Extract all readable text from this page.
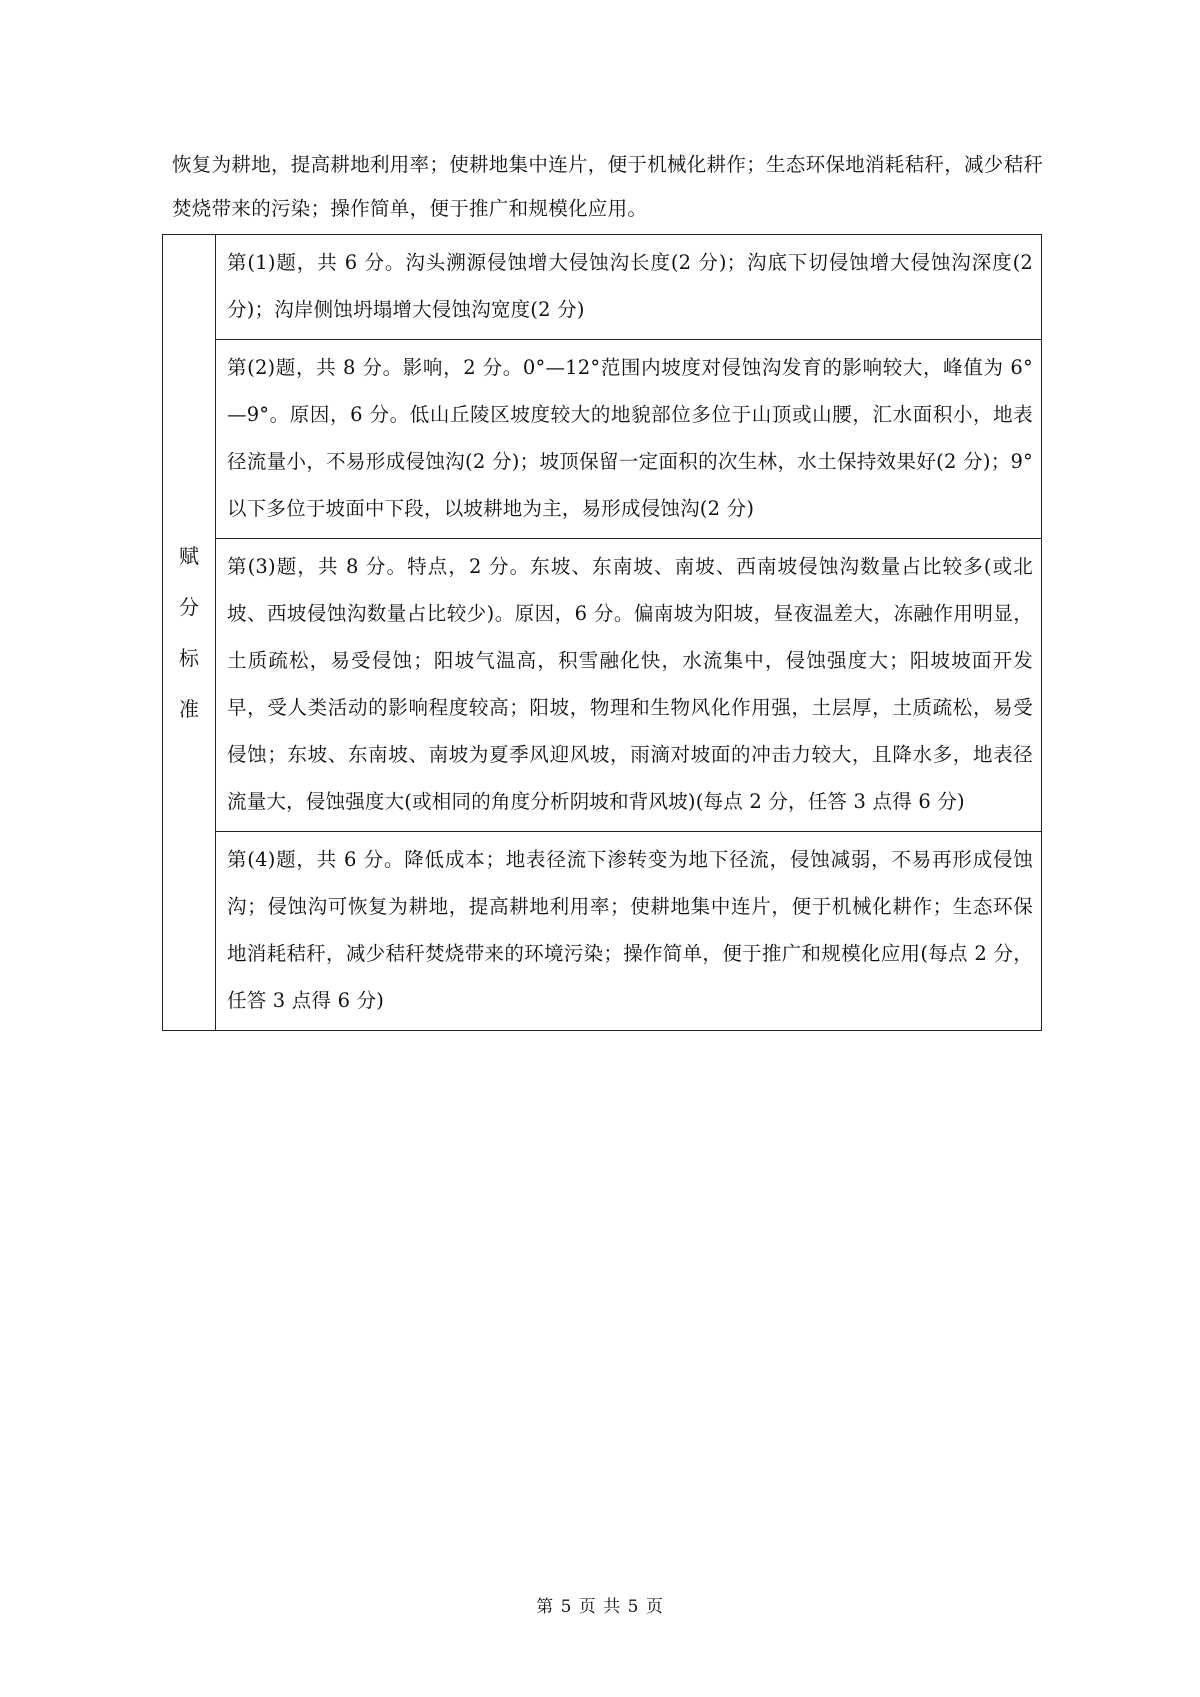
恢复为耕地，提高耕地利用率；使耕地集中连片，便于机械化耕作；生态环保地消耗秸秆，减少秸秆焚烧带来的污染；操作简单，便于推广和规模化应用。

赋分标准	第(1)题，共 6 分。沟头溯源侵蚀增大侵蚀沟长度(2 分)；沟底下切侵蚀增大侵蚀沟深度(2 分)；沟岸侧蚀坍塌增大侵蚀沟宽度(2 分)
第(2)题，共 8 分。影响，2 分。0°—12°范围内坡度对侵蚀沟发育的影响较大，峰值为 6°—9°。原因，6 分。低山丘陵区坡度较大的地貌部位多位于山顶或山腰，汇水面积小，地表径流量小，不易形成侵蚀沟(2 分)；坡顶保留一定面积的次生林，水土保持效果好(2 分)；9°以下多位于坡面中下段，以坡耕地为主，易形成侵蚀沟(2 分)
第(3)题，共 8 分。特点，2 分。东坡、东南坡、南坡、西南坡侵蚀沟数量占比较多(或北坡、西坡侵蚀沟数量占比较少)。原因，6 分。偏南坡为阳坡，昼夜温差大，冻融作用明显，土质疏松，易受侵蚀；阳坡气温高，积雪融化快，水流集中，侵蚀强度大；阳坡坡面开发早，受人类活动的影响程度较高；阳坡，物理和生物风化作用强，土层厚，土质疏松，易受侵蚀；东坡、东南坡、南坡为夏季风迎风坡，雨滴对坡面的冲击力较大，且降水多，地表径流量大，侵蚀强度大(或相同的角度分析阴坡和背风坡)(每点 2 分，任答 3 点得 6 分)
第(4)题，共 6 分。降低成本；地表径流下渗转变为地下径流，侵蚀减弱，不易再形成侵蚀沟；侵蚀沟可恢复为耕地，提高耕地利用率；使耕地集中连片，便于机械化耕作；生态环保地消耗秸秆，减少秸秆焚烧带来的环境污染；操作简单，便于推广和规模化应用(每点 2 分，任答 3 点得 6 分)
第 5 页 共 5 页
